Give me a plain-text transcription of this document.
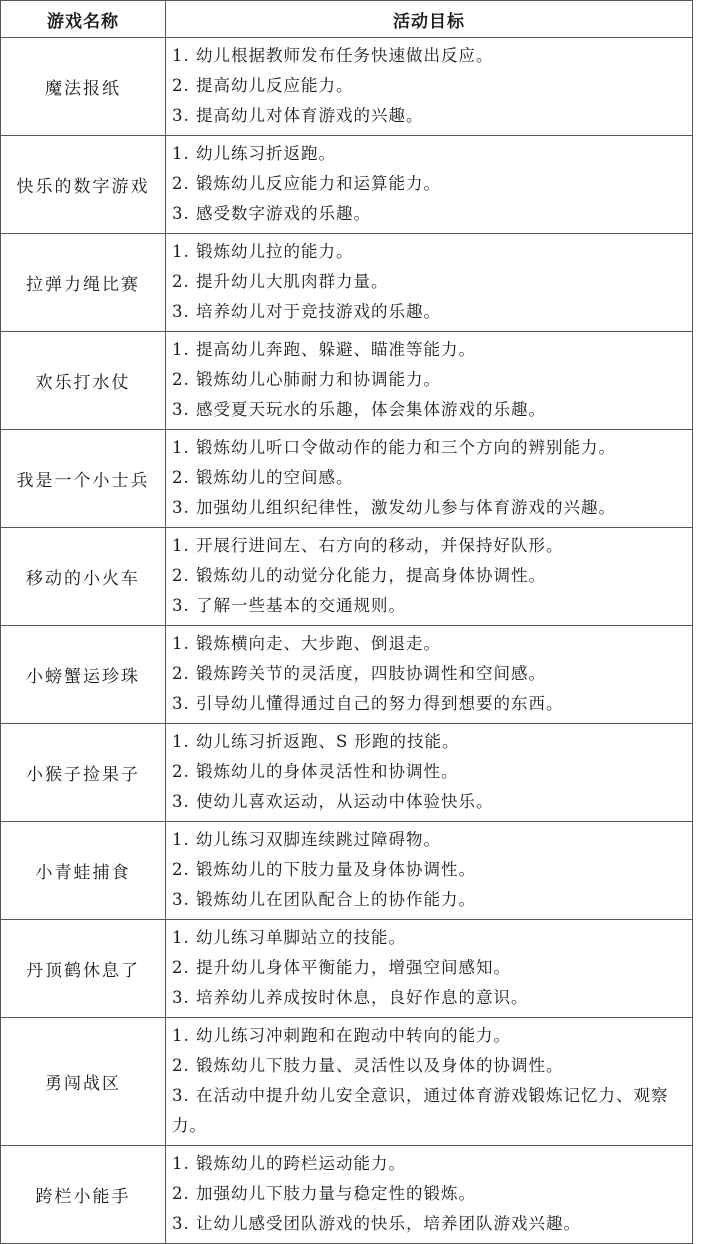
游戏名称	活动目标
魔法报纸	1. 幼儿根据教师发布任务快速做出反应。
2. 提高幼儿反应能力。
3. 提高幼儿对体育游戏的兴趣。

快乐的数字游戏	1. 幼儿练习折返跑。
2. 锻炼幼儿反应能力和运算能力。
3. 感受数字游戏的乐趣。

拉弹力绳比赛	1. 锻炼幼儿拉的能力。
2. 提升幼儿大肌肉群力量。
3. 培养幼儿对于竞技游戏的乐趣。

欢乐打水仗	1. 提高幼儿奔跑、躲避、瞄准等能力。
2. 锻炼幼儿心肺耐力和协调能力。
3. 感受夏天玩水的乐趣，体会集体游戏的乐趣。

我是一个小士兵	1. 锻炼幼儿听口令做动作的能力和三个方向的辨别能力。
2. 锻炼幼儿的空间感。
3. 加强幼儿组织纪律性，激发幼儿参与体育游戏的兴趣。

移动的小火车	1. 开展行进间左、右方向的移动，并保持好队形。
2. 锻炼幼儿的动觉分化能力，提高身体协调性。
3. 了解一些基本的交通规则。

小螃蟹运珍珠	1. 锻炼横向走、大步跑、倒退走。
2. 锻炼跨关节的灵活度，四肢协调性和空间感。
3. 引导幼儿懂得通过自己的努力得到想要的东西。

小猴子捡果子	1. 幼儿练习折返跑、S 形跑的技能。
2. 锻炼幼儿的身体灵活性和协调性。
3. 使幼儿喜欢运动，从运动中体验快乐。

小青蛙捕食	1. 幼儿练习双脚连续跳过障碍物。
2. 锻炼幼儿的下肢力量及身体协调性。
3. 锻炼幼儿在团队配合上的协作能力。

丹顶鹤休息了	1. 幼儿练习单脚站立的技能。
2. 提升幼儿身体平衡能力，增强空间感知。
3. 培养幼儿养成按时休息，良好作息的意识。

勇闯战区	1. 幼儿练习冲刺跑和在跑动中转向的能力。
2. 锻炼幼儿下肢力量、灵活性以及身体的协调性。
3. 在活动中提升幼儿安全意识，通过体育游戏锻炼记忆力、观察力。

跨栏小能手	1. 锻炼幼儿的跨栏运动能力。
2. 加强幼儿下肢力量与稳定性的锻炼。
3. 让幼儿感受团队游戏的快乐，培养团队游戏兴趣。
